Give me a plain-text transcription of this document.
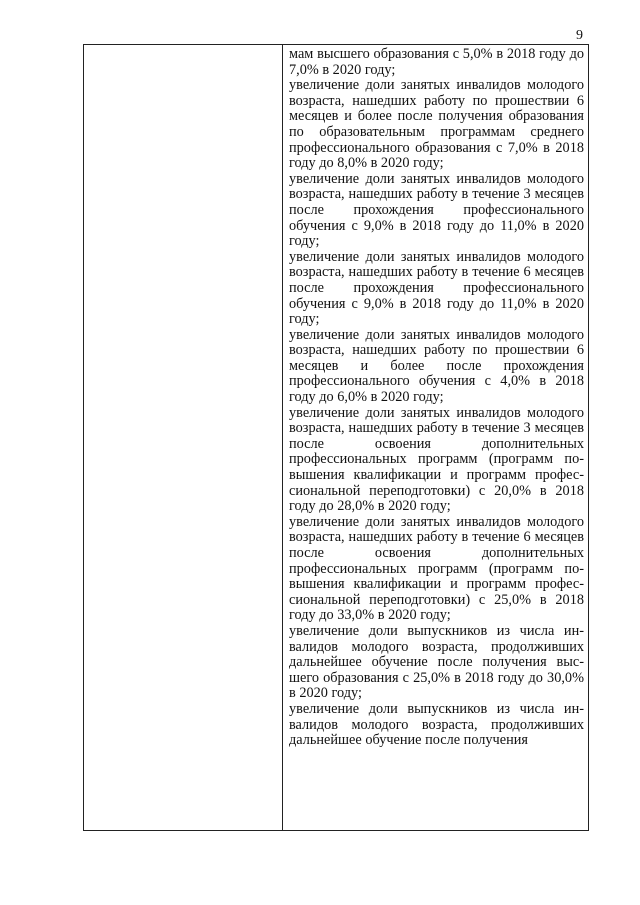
9

мам высшего образования с 5,0% в 2018 году до 7,0% в 2020 году;

увеличение доли занятых инвалидов молодого возраста, нашедших работу по прошествии 6 месяцев и более после получения образования по образовательным программам среднего профессионального образования с 7,0% в 2018 году до 8,0% в 2020 году;

увеличение доли занятых инвалидов молодого возраста, нашедших работу в течение 3 месяцев после прохождения профессионального обучения с 9,0% в 2018 году до 11,0% в 2020 году;

увеличение доли занятых инвалидов молодого возраста, нашедших работу в течение 6 месяцев после прохождения профессионального обучения с 9,0% в 2018 году до 11,0% в 2020 году;

увеличение доли занятых инвалидов молодого возраста, нашедших работу по прошествии 6 месяцев и более после прохождения профессионального обучения с 4,0% в 2018 году до 6,0% в 2020 году;

увеличение доли занятых инвалидов молодого возраста, нашедших работу в течение 3 месяцев после освоения дополнительных профессиональных программ (программ повышения квалификации и программ профессиональной переподготовки) с 20,0% в 2018 году до 28,0% в 2020 году;

увеличение доли занятых инвалидов молодого возраста, нашедших работу в течение 6 месяцев после освоения дополнительных профессиональных программ (программ повышения квалификации и программ профессиональной переподготовки) с 25,0% в 2018 году до 33,0% в 2020 году;

увеличение доли выпускников из числа инвалидов молодого возраста, продолживших дальнейшее обучение после получения высшего образования с 25,0% в 2018 году до 30,0% в 2020 году;

увеличение доли выпускников из числа инвалидов молодого возраста, продолживших дальнейшее обучение после получения
